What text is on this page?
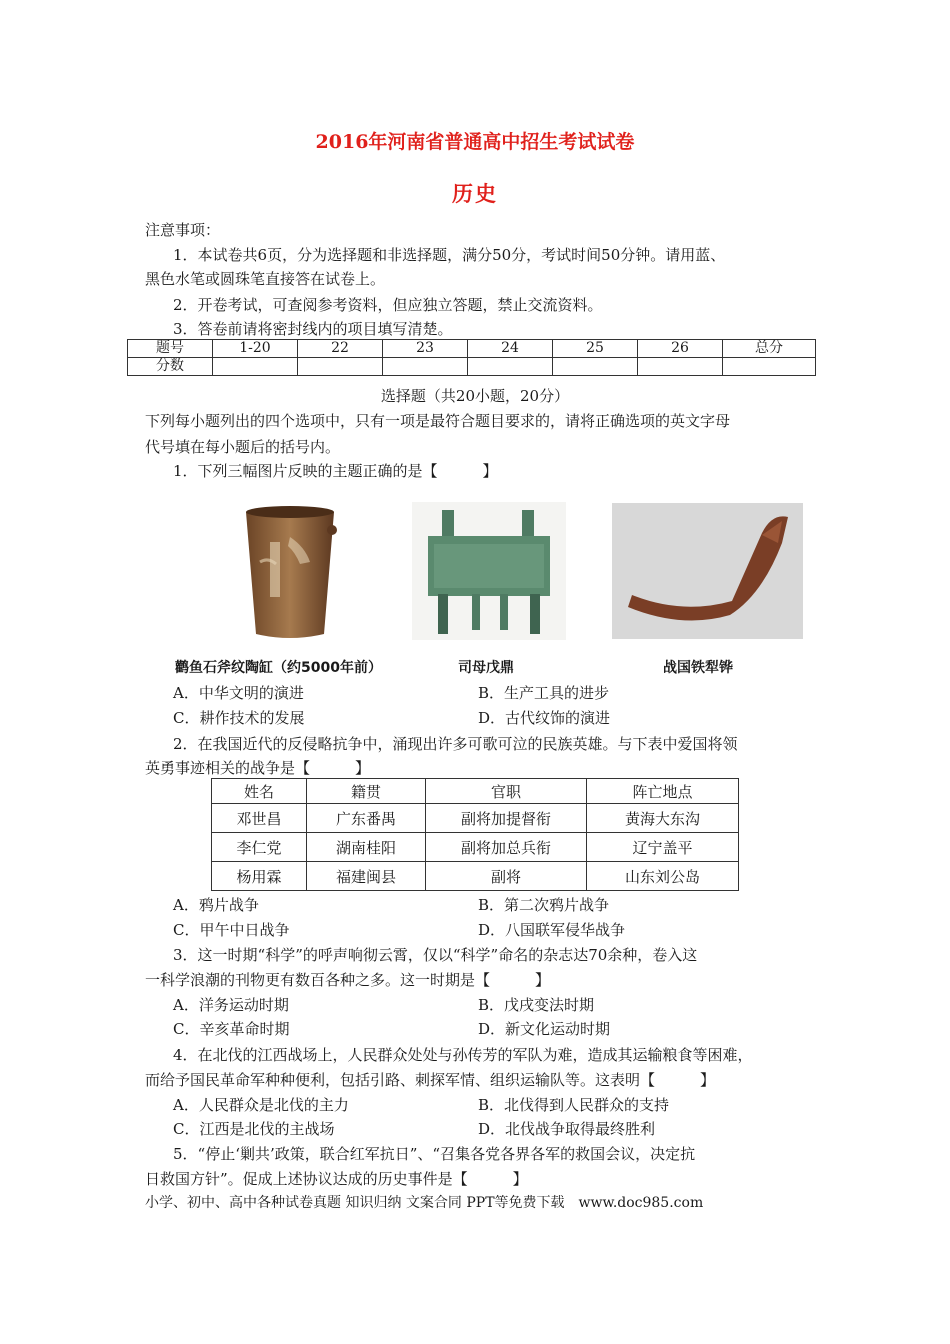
2016年河南省普通高中招生考试试卷
历史
注意事项：
1．本试卷共6页，分为选择题和非选择题，满分50分，考试时间50分钟。请用蓝、
黑色水笔或圆珠笔直接答在试卷上。
2．开卷考试，可查阅参考资料，但应独立答题，禁止交流资料。
3．答卷前请将密封线内的项目填写清楚。
题号	1-20	22	23	24	25	26	总分
分数							
选择题（共20小题，20分）
下列每小题列出的四个选项中，只有一项是最符合题目要求的，请将正确选项的英文字母
代号填在每小题后的括号内。
1．下列三幅图片反映的主题正确的是【　　　】
鹳鱼石斧纹陶缸（约5000年前）	司母戊鼎	战国铁犁铧
A．中华文明的演进	B．生产工具的进步
C．耕作技术的发展	D．古代纹饰的演进
2．在我国近代的反侵略抗争中，涌现出许多可歌可泣的民族英雄。与下表中爱国将领
英勇事迹相关的战争是【　　　】
姓名	籍贯	官职	阵亡地点
邓世昌	广东番禺	副将加提督衔	黄海大东沟
李仁党	湖南桂阳	副将加总兵衔	辽宁盖平
杨用霖	福建闽县	副将	山东刘公岛
A．鸦片战争	B．第二次鸦片战争
C．甲午中日战争	D．八国联军侵华战争
3．这一时期“科学”的呼声响彻云霄，仅以“科学”命名的杂志达70余种，卷入这
一科学浪潮的刊物更有数百各种之多。这一时期是【　　　】
A．洋务运动时期	B．戊戌变法时期
C．辛亥革命时期	D．新文化运动时期
4．在北伐的江西战场上，人民群众处处与孙传芳的军队为难，造成其运输粮食等困难，
而给予国民革命军种种便利，包括引路、刺探军情、组织运输队等。这表明【　　　】
A．人民群众是北伐的主力	B．北伐得到人民群众的支持
C．江西是北伐的主战场	D．北伐战争取得最终胜利
5．“停止‘剿共’政策，联合红军抗日”、“召集各党各界各军的救国会议，决定抗
日救国方针”。促成上述协议达成的历史事件是【　　　】
小学、初中、高中各种试卷真题 知识归纳 文案合同 PPT等免费下载　www.doc985.com
